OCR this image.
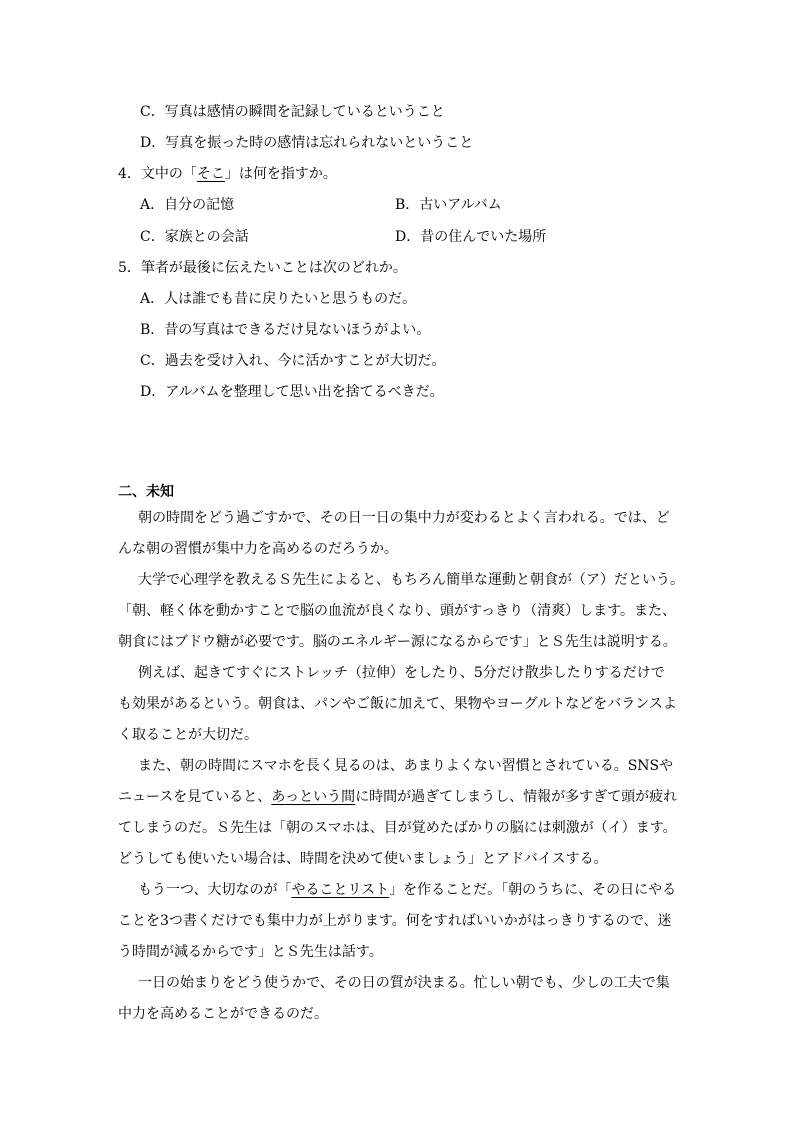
C．写真は感情の瞬間を記録しているということ
D．写真を振った時の感情は忘れられないということ
4．文中の「そこ」は何を指すか。
A．自分の記憶	B．古いアルバム
C．家族との会話	D．昔の住んでいた場所
5．筆者が最後に伝えたいことは次のどれか。
A．人は誰でも昔に戻りたいと思うものだ。
B．昔の写真はできるだけ見ないほうがよい。
C．過去を受け入れ、今に活かすことが大切だ。
D．アルバムを整理して思い出を捨てるべきだ。
二、未知
朝の時間をどう過ごすかで、その日一日の集中力が変わるとよく言われる。では、ど
んな朝の習慣が集中力を高めるのだろうか。
大学で心理学を教えるＳ先生によると、もちろん簡単な運動と朝食が（ア）だという。
「朝、軽く体を動かすことで脳の血流が良くなり、頭がすっきり（清爽）します。また、
朝食にはブドウ糖が必要です。脳のエネルギー源になるからです」とＳ先生は説明する。
例えば、起きてすぐにストレッチ（拉伸）をしたり、5分だけ散歩したりするだけで
も効果があるという。朝食は、パンやご飯に加えて、果物やヨーグルトなどをバランスよ
く取ることが大切だ。
また、朝の時間にスマホを長く見るのは、あまりよくない習慣とされている。SNSや
ニュースを見ていると、あっという間に時間が過ぎてしまうし、情報が多すぎて頭が疲れ
てしまうのだ。Ｓ先生は「朝のスマホは、目が覚めたばかりの脳には刺激が（イ）ます。
どうしても使いたい場合は、時間を決めて使いましょう」とアドバイスする。
もう一つ、大切なのが「やることリスト」を作ることだ。「朝のうちに、その日にやる
ことを3つ書くだけでも集中力が上がります。何をすればいいかがはっきりするので、迷
う時間が減るからです」とＳ先生は話す。
一日の始まりをどう使うかで、その日の質が決まる。忙しい朝でも、少しの工夫で集
中力を高めることができるのだ。
